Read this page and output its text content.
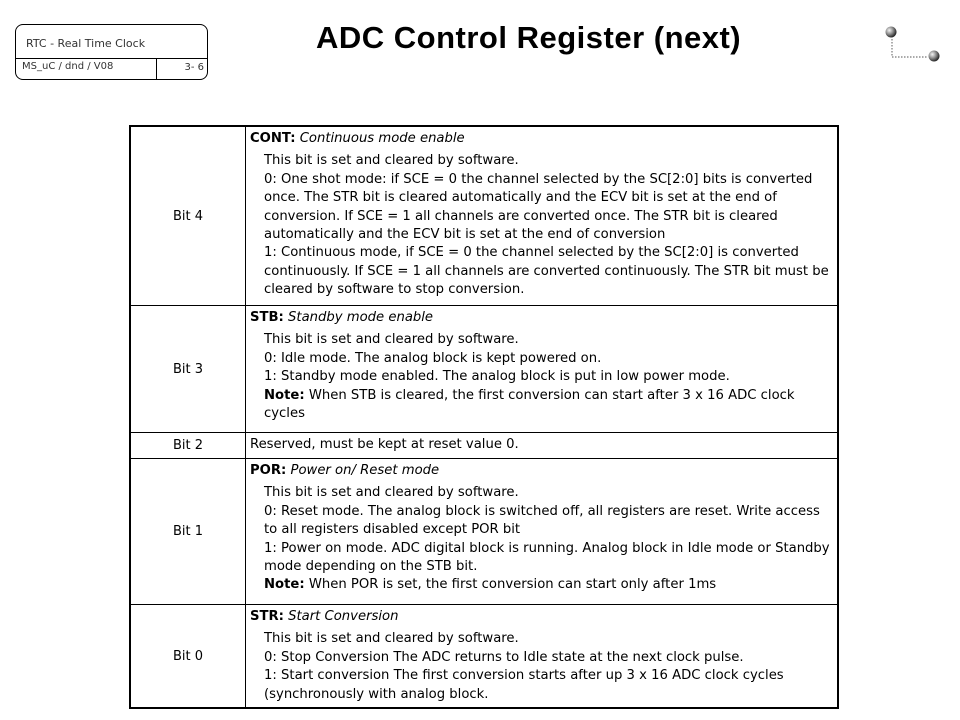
RTC - Real Time Clock
MS_uC / dnd / V08	3- 6
ADC Control Register (next)
Bit 4
CONT: Continuous mode enable
This bit is set and cleared by software.
0: One shot mode: if SCE = 0 the channel selected by the SC[2:0] bits is converted
once. The STR bit is cleared automatically and the ECV bit is set at the end of
conversion. If SCE = 1 all channels are converted once. The STR bit is cleared
automatically and the ECV bit is set at the end of conversion
1: Continuous mode, if SCE = 0 the channel selected by the SC[2:0] is converted
continuously. If SCE = 1 all channels are converted continuously. The STR bit must be
cleared by software to stop conversion.
Bit 3
STB: Standby mode enable
This bit is set and cleared by software.
0: Idle mode. The analog block is kept powered on.
1: Standby mode enabled. The analog block is put in low power mode.
Note: When STB is cleared, the first conversion can start after 3 x 16 ADC clock
cycles
Bit 2	Reserved, must be kept at reset value 0.
Bit 1
POR: Power on/ Reset mode
This bit is set and cleared by software.
0: Reset mode. The analog block is switched off, all registers are reset. Write access
to all registers disabled except POR bit
1: Power on mode. ADC digital block is running. Analog block in Idle mode or Standby
mode depending on the STB bit.
Note: When POR is set, the first conversion can start only after 1ms
Bit 0
STR: Start Conversion
This bit is set and cleared by software.
0: Stop Conversion The ADC returns to Idle state at the next clock pulse.
1: Start conversion The first conversion starts after up 3 x 16 ADC clock cycles
(synchronously with analog block.
